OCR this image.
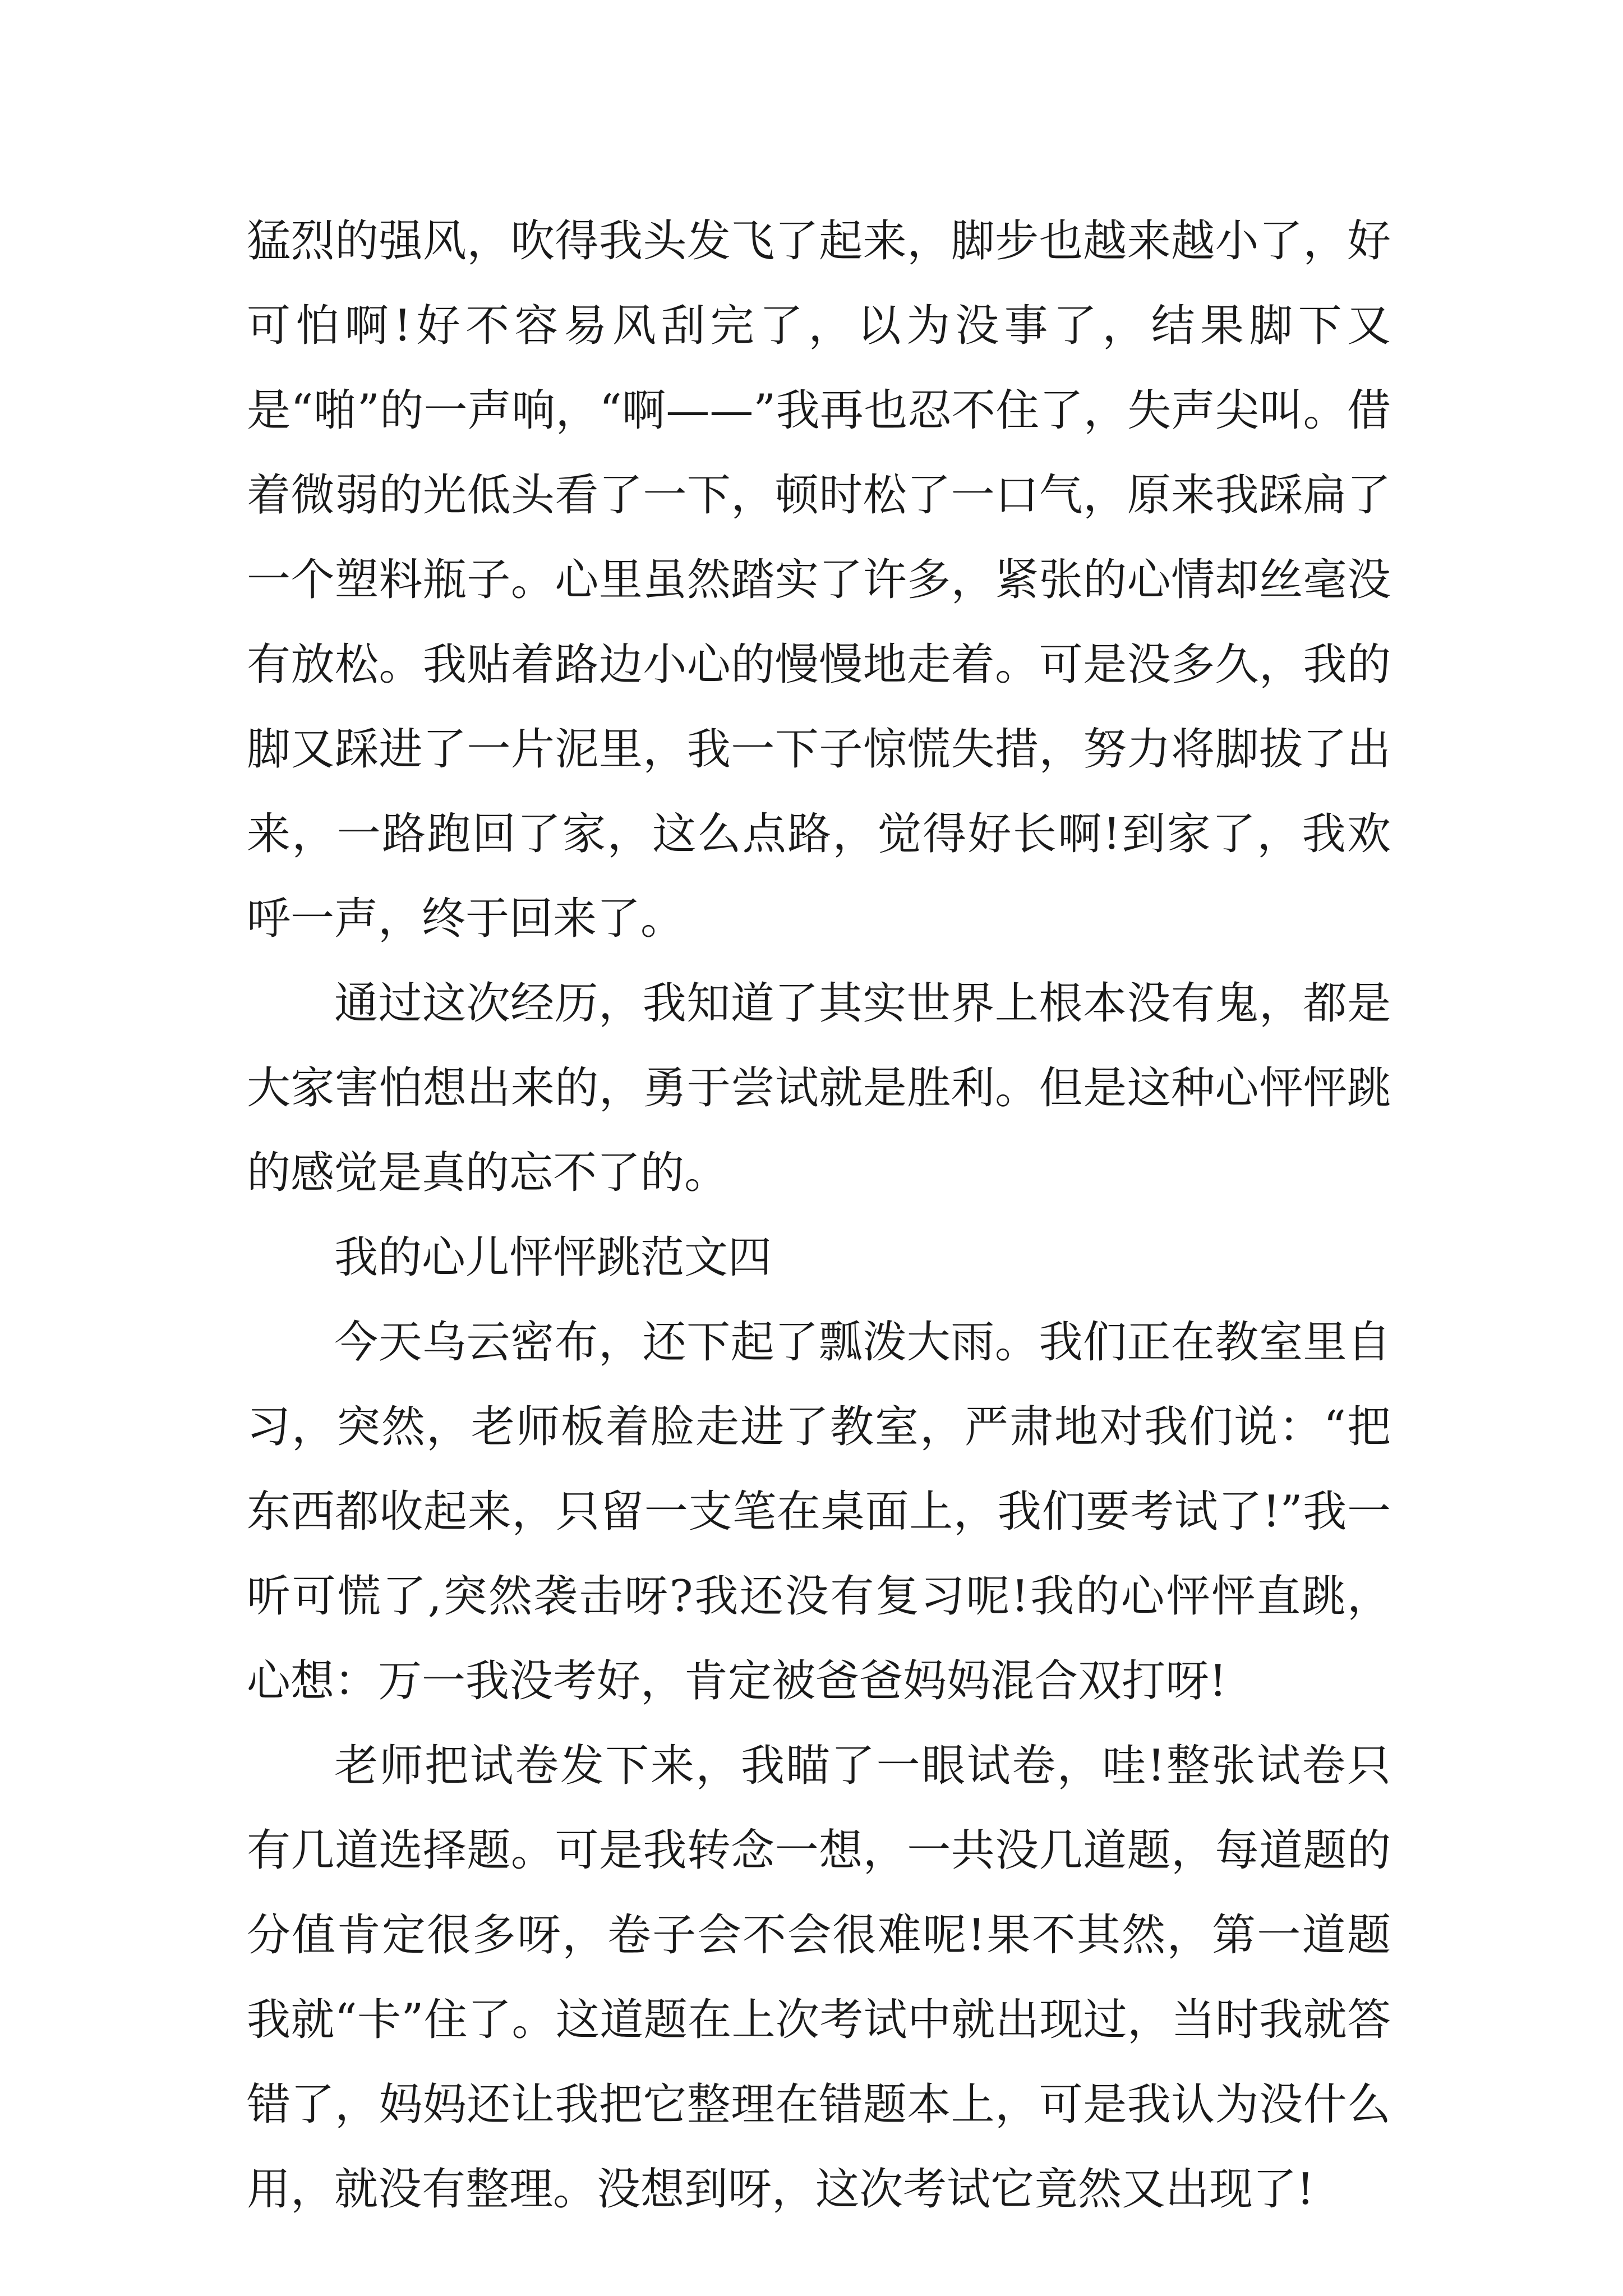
猛烈的强风，吹得我头发飞了起来，脚步也越来越小了，好可怕啊!好不容易风刮完了，以为没事了，结果脚下又是“啪”的一声响，“啊——”我再也忍不住了，失声尖叫。借着微弱的光低头看了一下，顿时松了一口气，原来我踩扁了一个塑料瓶子。心里虽然踏实了许多，紧张的心情却丝毫没有放松。我贴着路边小心的慢慢地走着。可是没多久，我的脚又踩进了一片泥里，我一下子惊慌失措，努力将脚拔了出来，一路跑回了家，这么点路，觉得好长啊!到家了，我欢呼一声，终于回来了。

通过这次经历，我知道了其实世界上根本没有鬼，都是大家害怕想出来的，勇于尝试就是胜利。但是这种心怦怦跳的感觉是真的忘不了的。

我的心儿怦怦跳范文四

今天乌云密布，还下起了瓢泼大雨。我们正在教室里自习，突然，老师板着脸走进了教室，严肃地对我们说：“把东西都收起来，只留一支笔在桌面上，我们要考试了!”我一听可慌了,突然袭击呀?我还没有复习呢!我的心怦怦直跳，心想：万一我没考好，肯定被爸爸妈妈混合双打呀!

老师把试卷发下来，我瞄了一眼试卷，哇!整张试卷只有几道选择题。可是我转念一想，一共没几道题，每道题的分值肯定很多呀，卷子会不会很难呢!果不其然，第一道题我就“卡”住了。这道题在上次考试中就出现过，当时我就答错了，妈妈还让我把它整理在错题本上，可是我认为没什么用，就没有整理。没想到呀，这次考试它竟然又出现了!
